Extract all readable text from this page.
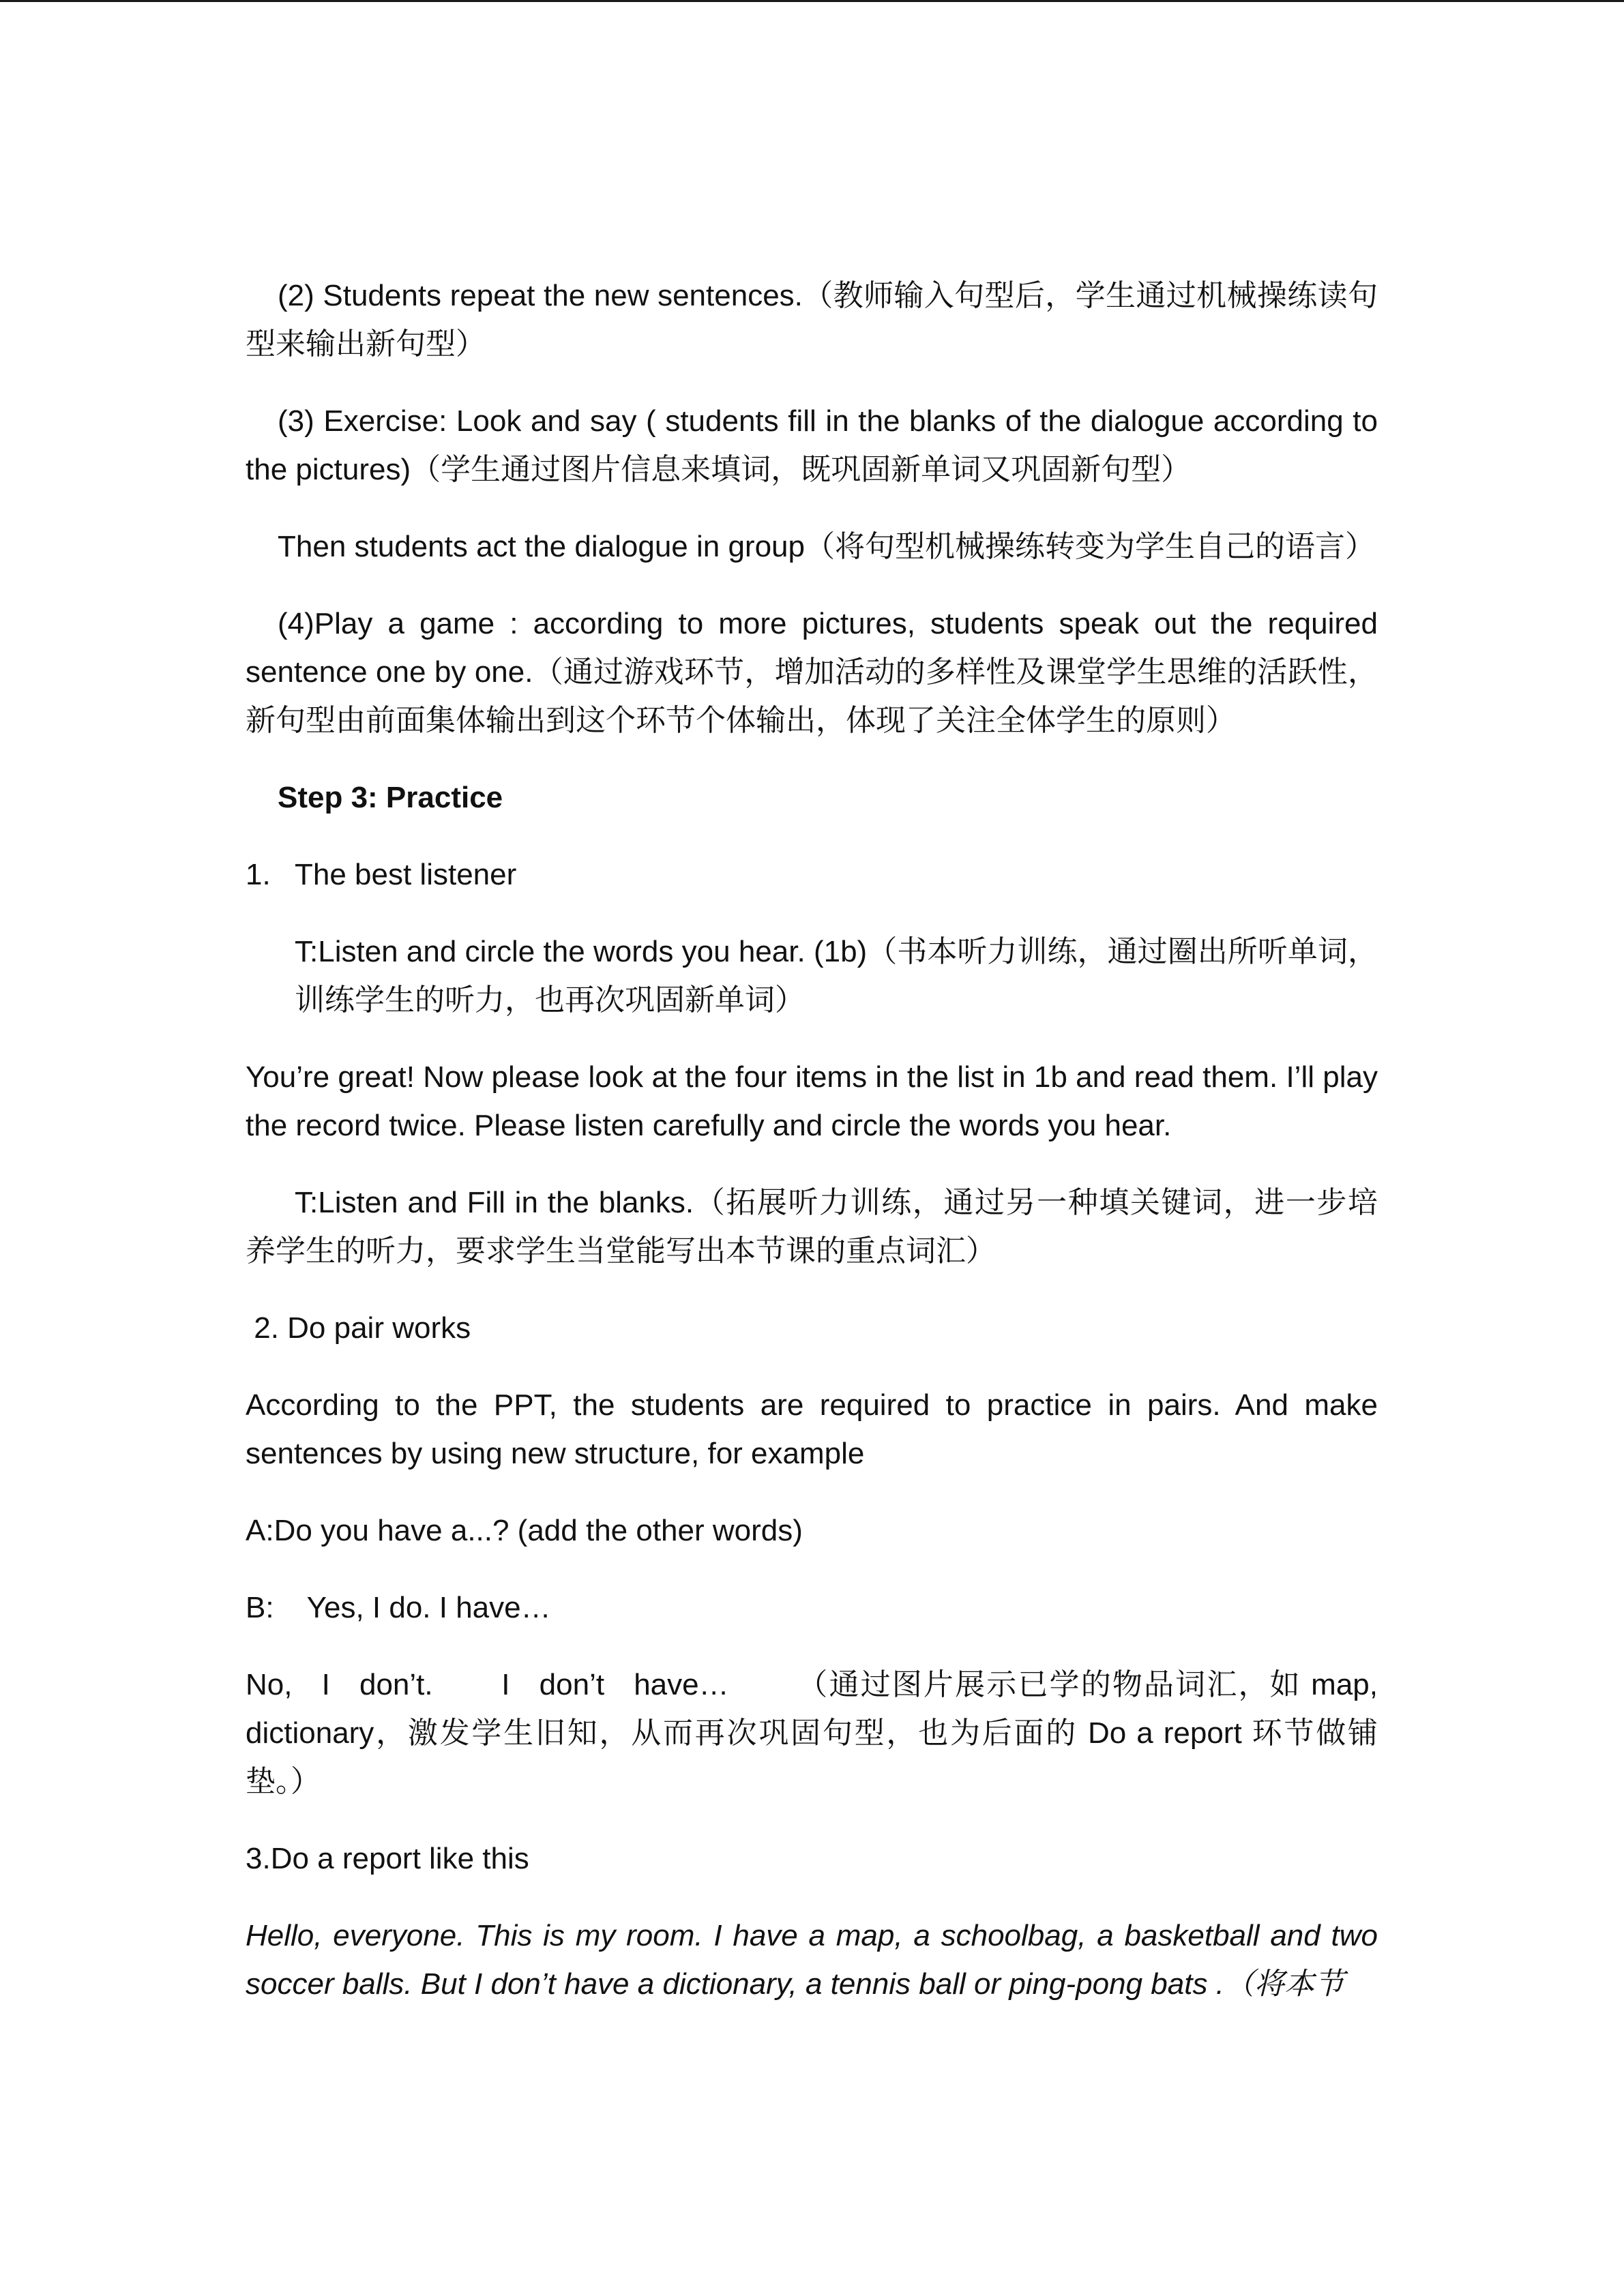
(2) Students repeat the new sentences.（教师输入句型后，学生通过机械操练读句型来输出新句型）

(3) Exercise: Look and say ( students fill in the blanks of the dialogue according to the pictures)（学生通过图片信息来填词，既巩固新单词又巩固新句型）

Then students act the dialogue in group（将句型机械操练转变为学生自己的语言）

(4)Play a game : according to more pictures, students speak out the required sentence one by one.（通过游戏环节，增加活动的多样性及课堂学生思维的活跃性，新句型由前面集体输出到这个环节个体输出，体现了关注全体学生的原则）

Step 3: Practice

1. The best listener

T:Listen and circle the words you hear. (1b)（书本听力训练，通过圈出所听单词，训练学生的听力，也再次巩固新单词）

You’re great! Now please look at the four items in the list in 1b and read them. I’ll play the record twice. Please listen carefully and circle the words you hear.

T:Listen and Fill in the blanks.（拓展听力训练，通过另一种填关键词，进一步培养学生的听力，要求学生当堂能写出本节课的重点词汇）

2. Do pair works

According to the PPT, the students are required to practice in pairs. And make sentences by using new structure, for example

A:Do you have a...? (add the other words)

B:    Yes, I do. I have…

No,   I   don’t.       I   don’t   have…       （通过图片展示已学的物品词汇，如 map, dictionary，激发学生旧知，从而再次巩固句型，也为后面的 Do a report 环节做铺垫。）

3.Do a report like this

Hello, everyone. This is my room. I have a map, a schoolbag, a basketball and two soccer balls. But I don’t have a dictionary, a tennis ball or ping-pong bats .（将本节
